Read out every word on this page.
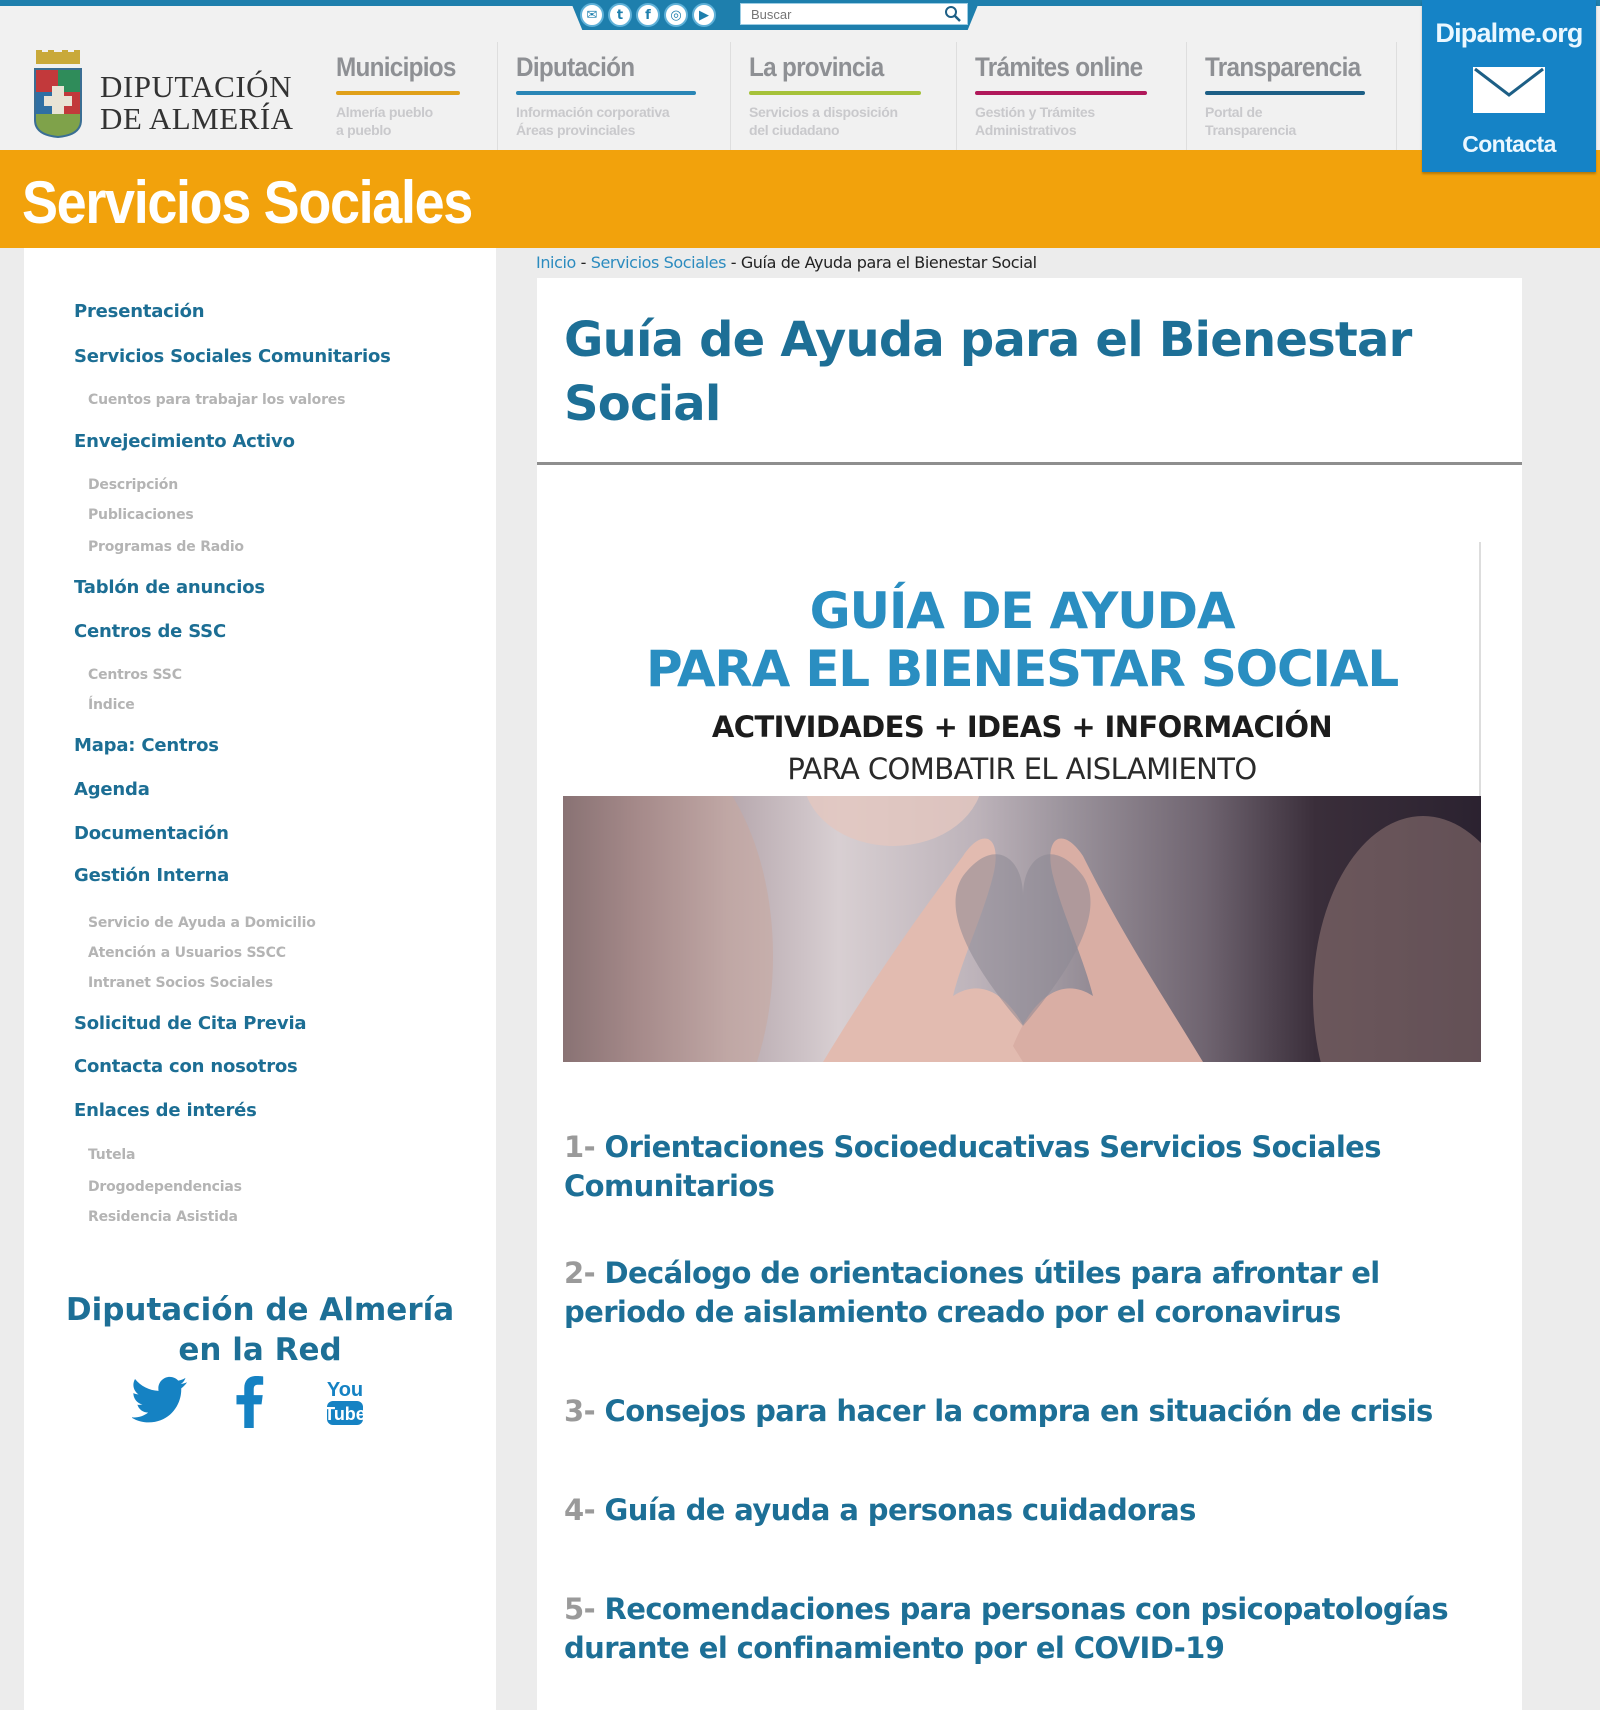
DIPUTACIÓN
DE ALMERÍA
Municipios
Almería pueblo
a pueblo
Diputación
Información corporativa
Áreas provinciales
La provincia
Servicios a disposición
del ciudadano
Trámites online
Gestión y Trámites
Administrativos
Transparencia
Portal de
Transparencia
✉	t	f	◎	▶
Buscar
Servicios Sociales
Dipalme.org
Contacta
Presentación
Servicios Sociales Comunitarios
Cuentos para trabajar los valores
Envejecimiento Activo
Descripción
Publicaciones
Programas de Radio
Tablón de anuncios
Centros de SSC
Centros SSC
Índice
Mapa: Centros
Agenda
Documentación
Gestión Interna
Servicio de Ayuda a Domicilio
Atención a Usuarios SSCC
Intranet Socios Sociales
Solicitud de Cita Previa
Contacta con nosotros
Enlaces de interés
Tutela
Drogodependencias
Residencia Asistida
Diputación de Almería
en la Red
You
Tube
Inicio - Servicios Sociales - Guía de Ayuda para el Bienestar Social
Guía de Ayuda para el Bienestar Social
GUÍA DE AYUDA
PARA EL BIENESTAR SOCIAL
ACTIVIDADES + IDEAS + INFORMACIÓN
PARA COMBATIR EL AISLAMIENTO
1- Orientaciones Socioeducativas Servicios Sociales Comunitarios
2- Decálogo de orientaciones útiles para afrontar el periodo de aislamiento creado por el coronavirus
3- Consejos para hacer la compra en situación de crisis
4- Guía de ayuda a personas cuidadoras
5- Recomendaciones para personas con psicopatologías durante el confinamiento por el COVID-19
